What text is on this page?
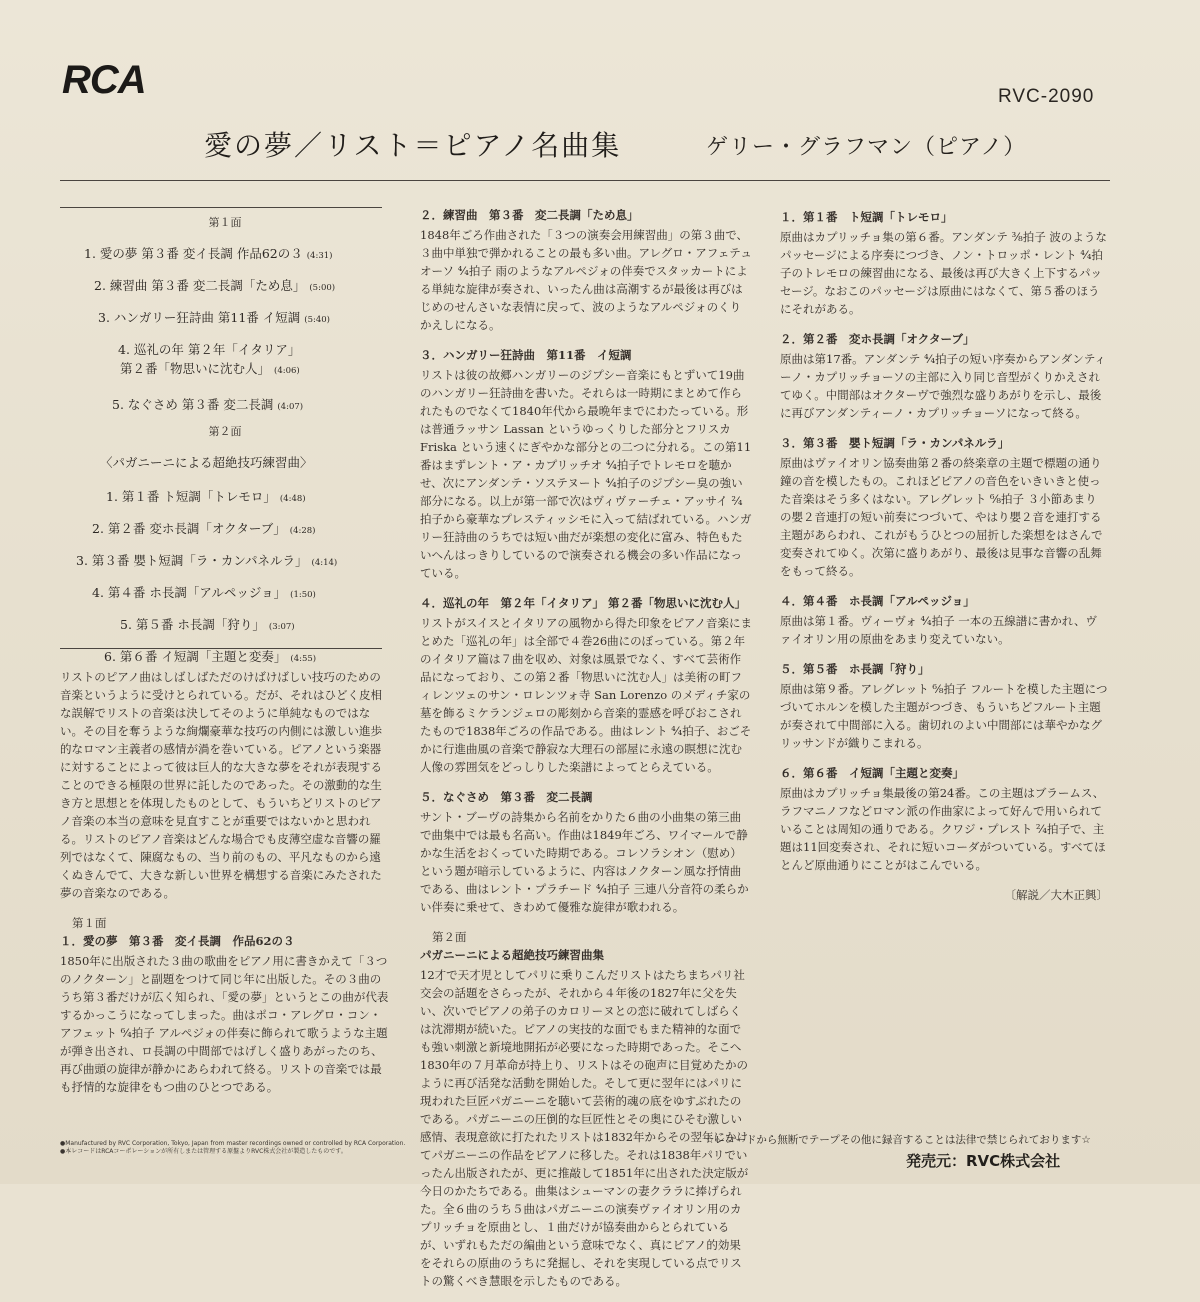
RCA	RVC-2090
愛の夢／リスト＝ピアノ名曲集	ゲリー・グラフマン（ピアノ）
第１面
1. 愛の夢 第３番 変イ長調 作品62の３ (4:31)
2. 練習曲 第３番 変二長調「ため息」 (5:00)
3. ハンガリー狂詩曲 第11番 イ短調 (5:40)
4. 巡礼の年 第２年「イタリア」
第２番「物思いに沈む人」 (4:06)
5. なぐさめ 第３番 変二長調 (4:07)
第２面
〈パガニーニによる超絶技巧練習曲〉
1. 第１番 ト短調「トレモロ」 (4:48)
2. 第２番 変ホ長調「オクターブ」 (4:28)
3. 第３番 嬰ト短調「ラ・カンパネルラ」 (4:14)
4. 第４番 ホ長調「アルペッジョ」 (1:50)
5. 第５番 ホ長調「狩り」 (3:07)
6. 第６番 イ短調「主題と変奏」 (4:55)

リストのピアノ曲はしばしばただのけばけばしい技巧のための音楽というように受けとられている。だが、それはひどく皮相な誤解でリストの音楽は決してそのように単純なものではない。その目を奪うような絢爛豪華な技巧の内側には激しい進歩的なロマン主義者の感情が渦を巻いている。ピアノという楽器に対することによって彼は巨人的な大きな夢をそれが表現することのできる極限の世界に託したのであった。その激動的な生き方と思想とを体現したものとして、もういちどリストのピアノ音楽の本当の意味を見直すことが重要ではないかと思われる。リストのピアノ音楽はどんな場合でも皮薄空虚な音響の羅列ではなくて、陳腐なもの、当り前のもの、平凡なものから遠くぬきんでて、大きな新しい世界を構想する音楽にみたされた夢の音楽なのである。

第１面

１．愛の夢　第３番　変イ長調　作品62の３

1850年に出版された３曲の歌曲をピアノ用に書きかえて「３つのノクターン」と副題をつけて同じ年に出版した。その３曲のうち第３番だけが広く知られ、「愛の夢」というとこの曲が代表するかっこうになってしまった。曲はポコ・アレグロ・コン・アフェット ⁶⁄₄拍子 アルペジォの伴奏に飾られて歌うような主題が弾き出され、ロ長調の中間部ではげしく盛りあがったのち、再び曲頭の旋律が静かにあらわれて終る。リストの音楽では最も抒情的な旋律をもつ曲のひとつである。

２．練習曲　第３番　変二長調「ため息」

1848年ごろ作曲された「３つの演奏会用練習曲」の第３曲で、３曲中単独で弾かれることの最も多い曲。アレグロ・アフェテュオーソ ⁴⁄₄拍子 雨のようなアルペジォの伴奏でスタッカートによる単純な旋律が奏され、いったん曲は高潮するが最後は再びはじめのせんさいな表情に戻って、波のようなアルペジォのくりかえしになる。

３．ハンガリー狂詩曲　第11番　イ短調

リストは彼の故郷ハンガリーのジプシー音楽にもとずいて19曲のハンガリー狂詩曲を書いた。それらは一時期にまとめて作られたものでなくて1840年代から最晩年までにわたっている。形は普通ラッサン Lassan というゆっくりした部分とフリスカ Friska という速くにぎやかな部分との二つに分れる。この第11番はまずレント・ア・カプリッチオ ⁴⁄₄拍子でトレモロを聴かせ、次にアンダンテ・ソステヌート ⁴⁄₄拍子のジプシー臭の強い部分になる。以上が第一部で次はヴィヴァーチェ・アッサイ ²⁄₄拍子から豪華なプレスティッシモに入って結ばれている。ハンガリー狂詩曲のうちでは短い曲だが楽想の変化に富み、特色もたいへんはっきりしているので演奏される機会の多い作品になっている。

４．巡礼の年　第２年「イタリア」 第２番「物思いに沈む人」

リストがスイスとイタリアの風物から得た印象をピアノ音楽にまとめた「巡礼の年」は全部で４巻26曲にのぼっている。第２年のイタリア篇は７曲を収め、対象は風景でなく、すべて芸術作品になっており、この第２番「物思いに沈む人」は美術の町フィレンツェのサン・ロレンツォ寺 San Lorenzo のメディチ家の墓を飾るミケランジェロの彫刻から音楽的霊感を呼びおこされたもので1838年ごろの作品である。曲はレント ⁴⁄₄拍子、おごそかに行進曲風の音楽で静寂な大理石の部屋に永遠の瞑想に沈む人像の雰囲気をどっしりした楽譜によってとらえている。

５．なぐさめ　第３番　変二長調

サント・ブーヴの詩集から名前をかりた６曲の小曲集の第三曲で曲集中では最も名高い。作曲は1849年ごろ、ワイマールで静かな生活をおくっていた時期である。コレソラシオン（慰め）という題が暗示しているように、内容はノクターン風な抒情曲である、曲はレント・プラチード ⁴⁄₄拍子 三連八分音符の柔らかい伴奏に乗せて、きわめて優雅な旋律が歌われる。

第２面

パガニーニによる超絶技巧練習曲集

12才で天才児としてパリに乗りこんだリストはたちまちパリ社交会の話題をさらったが、それから４年後の1827年に父を失い、次いでピアノの弟子のカロリーヌとの恋に破れてしばらくは沈滞期が続いた。ピアノの実技的な面でもまた精神的な面でも強い刺激と新境地開拓が必要になった時期であった。そこへ1830年の７月革命が持上り、リストはその砲声に目覚めたかのように再び活発な活動を開始した。そして更に翌年にはパリに現われた巨匠パガニーニを聴いて芸術的魂の底をゆすぶれたのである。パガニーニの圧倒的な巨匠性とその奥にひそむ激しい感情、表現意欲に打たれたリストは1832年からその翌年にかけてパガニーニの作品をピアノに移した。それは1838年パリでいったん出版されたが、更に推敲して1851年に出された決定版が今日のかたちである。曲集はシューマンの妻クララに捧げられた。全６曲のうち５曲はパガニーニの演奏ヴァイオリン用のカプリッチョを原曲とし、１曲だけが協奏曲からとられているが、いずれもただの編曲という意味でなく、真にピアノ的効果をそれらの原曲のうちに発掘し、それを実現している点でリストの驚くべき慧眼を示したものである。

１．第１番　ト短調「トレモロ」

原曲はカプリッチョ集の第６番。アンダンテ ³⁄₈拍子 波のようなパッセージによる序奏につづき、ノン・トロッポ・レント ⁴⁄₄拍子のトレモロの練習曲になる、最後は再び大きく上下するパッセージ。なおこのパッセージは原曲にはなくて、第５番のほうにそれがある。

２．第２番　変ホ長調「オクターブ」

原曲は第17番。アンダンテ ⁴⁄₄拍子の短い序奏からアンダンティーノ・カプリッチョーソの主部に入り同じ音型がくりかえされてゆく。中間部はオクターヴで強烈な盛りあがりを示し、最後に再びアンダンティーノ・カプリッチョーソになって終る。

３．第３番　嬰ト短調「ラ・カンパネルラ」

原曲はヴァイオリン協奏曲第２番の終楽章の主題で標題の通り鐘の音を模したもの。これほどピアノの音色をいきいきと使った音楽はそう多くはない。アレグレット ⁶⁄₈拍子 ３小節あまりの嬰２音連打の短い前奏につづいて、やはり嬰２音を連打する主題があらわれ、これがもうひとつの屈折した楽想をはさんで変奏されてゆく。次第に盛りあがり、最後は見事な音響の乱舞をもって終る。

４．第４番　ホ長調「アルペッジョ」

原曲は第１番。ヴィーヴォ ⁴⁄₄拍子 一本の五線譜に書かれ、ヴァイオリン用の原曲をあまり変えていない。

５．第５番　ホ長調「狩り」

原曲は第９番。アレグレット ⁶⁄₈拍子 フルートを模した主題につづいてホルンを模した主題がつづき、もういちどフルート主題が奏されて中間部に入る。歯切れのよい中間部には華やかなグリッサンドが織りこまれる。

６．第６番　イ短調「主題と変奏」

原曲はカプリッチョ集最後の第24番。この主題はブラームス、ラフマニノフなどロマン派の作曲家によって好んで用いられていることは周知の通りである。クワジ・プレスト ²⁄₄拍子で、主題は11回変奏され、それに短いコーダがついている。すべてほとんど原曲通りにことがはこんでいる。

〔解説／大木正興〕

●Manufactured by RVC Corporation, Tokyo, Japan from master recordings owned or controlled by RCA Corporation.
●本レコードはRCAコーポレーションが所有しまたは管理する原盤よりRVC株式会社が製造したものです。
☆レコードから無断でテープその他に録音することは法律で禁じられております☆
発売元：RVC株式会社
